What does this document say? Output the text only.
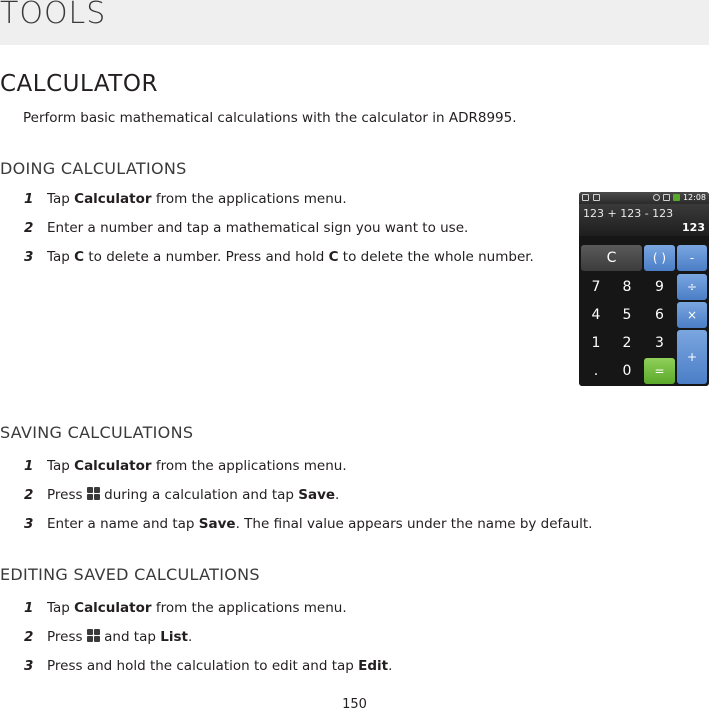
TOOLS
CALCULATOR
Perform basic mathematical calculations with the calculator in ADR8995.
DOING CALCULATIONS
1 Tap Calculator from the applications menu.
2 Enter a number and tap a mathematical sign you want to use.
3 Tap C to delete a number. Press and hold C to delete the whole number.
12:08
123 + 123 - 123
123
C	( )	-
7	8	9	÷
4	5	6	×
1	2	3
+
.	0	=
SAVING CALCULATIONS
1 Tap Calculator from the applications menu.
2 Press
during a calculation and tap Save.
3 Enter a name and tap Save. The final value appears under the name by default.
EDITING SAVED CALCULATIONS
1 Tap Calculator from the applications menu.
2 Press
and tap List.
3 Press and hold the calculation to edit and tap Edit.
150
